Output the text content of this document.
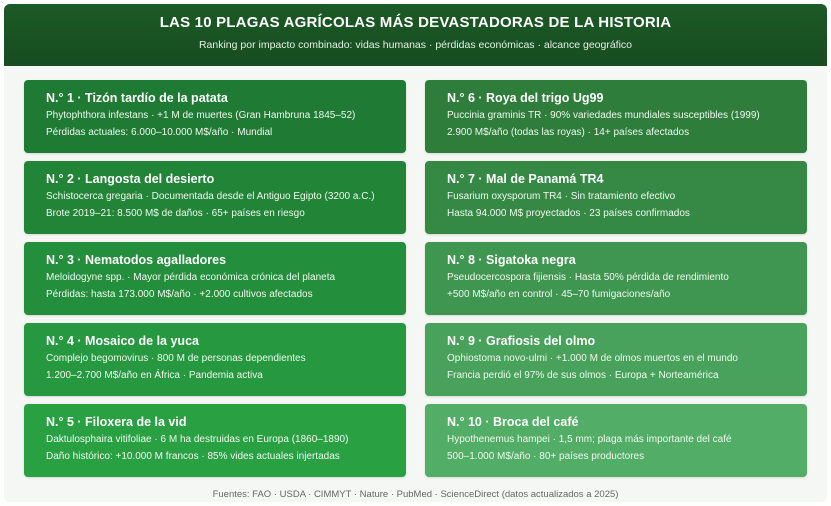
LAS 10 PLAGAS AGRÍCOLAS MÁS DEVASTADORAS DE LA HISTORIA
Ranking por impacto combinado: vidas humanas · pérdidas económicas · alcance geográfico
N.° 1 · Tizón tardío de la patata
Phytophthora infestans · +1 M de muertes (Gran Hambruna 1845–52)
Pérdidas actuales: 6.000–10.000 M$/año · Mundial
N.° 2 · Langosta del desierto
Schistocerca gregaria · Documentada desde el Antiguo Egipto (3200 a.C.)
Brote 2019–21: 8.500 M$ de daños · 65+ países en riesgo
N.° 3 · Nematodos agalladores
Meloidogyne spp. · Mayor pérdida económica crónica del planeta
Pérdidas: hasta 173.000 M$/año · +2.000 cultivos afectados
N.° 4 · Mosaico de la yuca
Complejo begomovirus · 800 M de personas dependientes
1.200–2.700 M$/año en África · Pandemia activa
N.° 5 · Filoxera de la vid
Daktulosphaira vitifoliae · 6 M ha destruidas en Europa (1860–1890)
Daño histórico: +10.000 M francos · 85% vides actuales injertadas
N.° 6 · Roya del trigo Ug99
Puccinia graminis TR · 90% variedades mundiales susceptibles (1999)
2.900 M$/año (todas las royas) · 14+ países afectados
N.° 7 · Mal de Panamá TR4
Fusarium oxysporum TR4 · Sin tratamiento efectivo
Hasta 94.000 M$ proyectados · 23 países confirmados
N.° 8 · Sigatoka negra
Pseudocercospora fijiensis · Hasta 50% pérdida de rendimiento
+500 M$/año en control · 45–70 fumigaciones/año
N.° 9 · Grafiosis del olmo
Ophiostoma novo-ulmi · +1.000 M de olmos muertos en el mundo
Francia perdió el 97% de sus olmos · Europa + Norteamérica
N.° 10 · Broca del café
Hypothenemus hampei · 1,5 mm; plaga más importante del café
500–1.000 M$/año · 80+ países productores
Fuentes: FAO · USDA · CIMMYT · Nature · PubMed · ScienceDirect (datos actualizados a 2025)
